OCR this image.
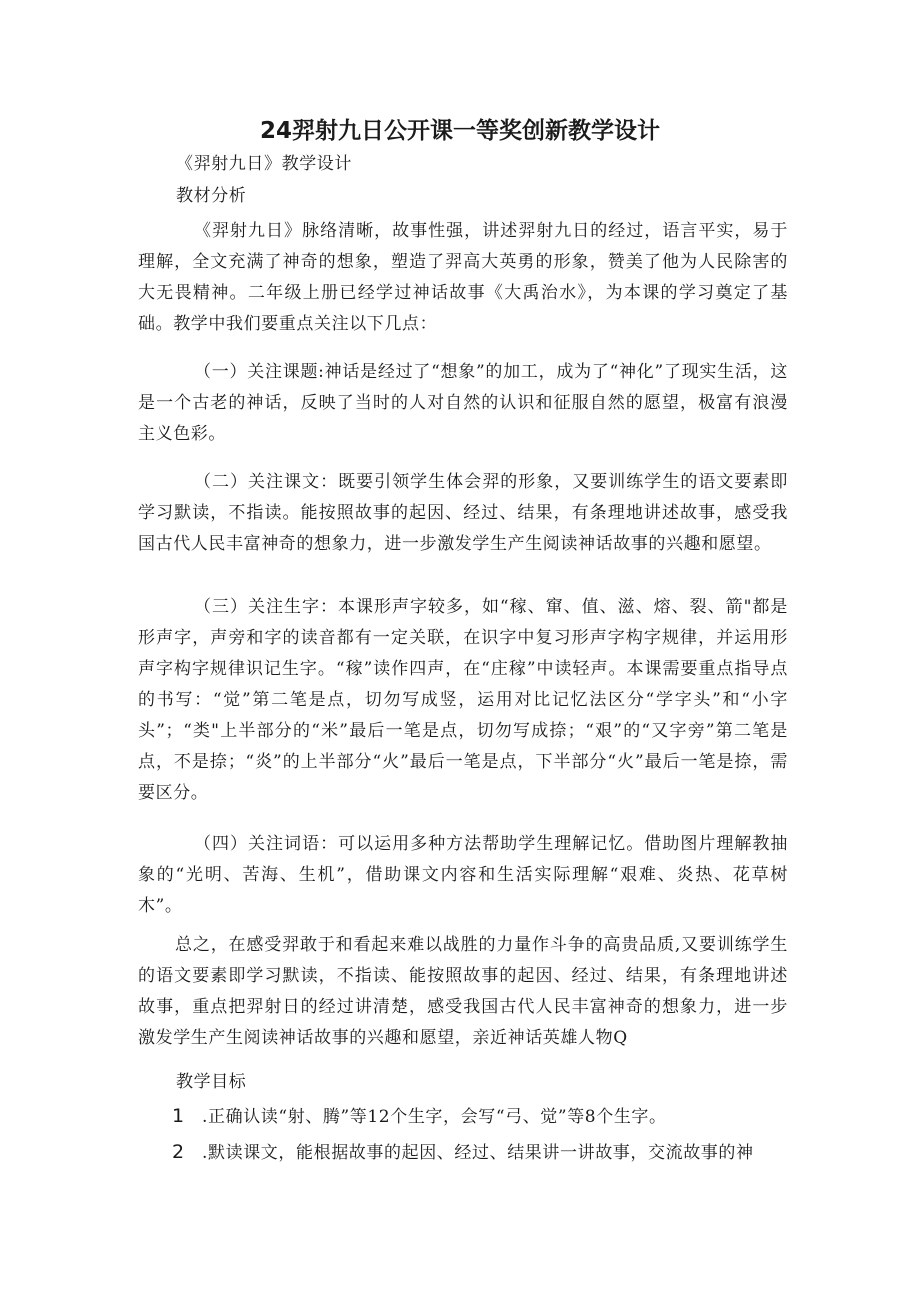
24羿射九日公开课一等奖创新教学设计

《羿射九日》教学设计

教材分析

《羿射九日》脉络清晰，故事性强，讲述羿射九日的经过，语言平实，易于理解，全文充满了神奇的想象，塑造了羿高大英勇的形象，赞美了他为人民除害的大无畏精神。二年级上册已经学过神话故事《大禹治水》，为本课的学习奠定了基础。教学中我们要重点关注以下几点：

（一）关注课题:神话是经过了“想象”的加工，成为了“神化”了现实生活，这是一个古老的神话，反映了当时的人对自然的认识和征服自然的愿望，极富有浪漫主义色彩。

（二）关注课文：既要引领学生体会羿的形象，又要训练学生的语文要素即学习默读，不指读。能按照故事的起因、经过、结果，有条理地讲述故事，感受我国古代人民丰富神奇的想象力，进一步激发学生产生阅读神话故事的兴趣和愿望。

（三）关注生字：本课形声字较多，如“稼、窜、值、滋、熔、裂、箭"都是形声字，声旁和字的读音都有一定关联，在识字中复习形声字构字规律，并运用形声字构字规律识记生字。“稼”读作四声，在“庄稼”中读轻声。本课需要重点指导点的书写：“觉”第二笔是点，切勿写成竖，运用对比记忆法区分“学字头”和“小字头”；“类"上半部分的“米”最后一笔是点，切勿写成捺；“艰”的“又字旁”第二笔是点，不是捺；“炎”的上半部分“火”最后一笔是点，下半部分“火”最后一笔是捺，需要区分。

（四）关注词语：可以运用多种方法帮助学生理解记忆。借助图片理解教抽象的“光明、苦海、生机”，借助课文内容和生活实际理解“艰难、炎热、花草树木”。

总之，在感受羿敢于和看起来难以战胜的力量作斗争的高贵品质,又要训练学生的语文要素即学习默读，不指读、能按照故事的起因、经过、结果，有条理地讲述故事，重点把羿射日的经过讲清楚，感受我国古代人民丰富神奇的想象力，进一步激发学生产生阅读神话故事的兴趣和愿望，亲近神话英雄人物Q

教学目标

1 .正确认读“射、腾”等12个生字，会写“弓、觉”等8个生字。

2 .默读课文，能根据故事的起因、经过、结果讲一讲故事，交流故事的神
